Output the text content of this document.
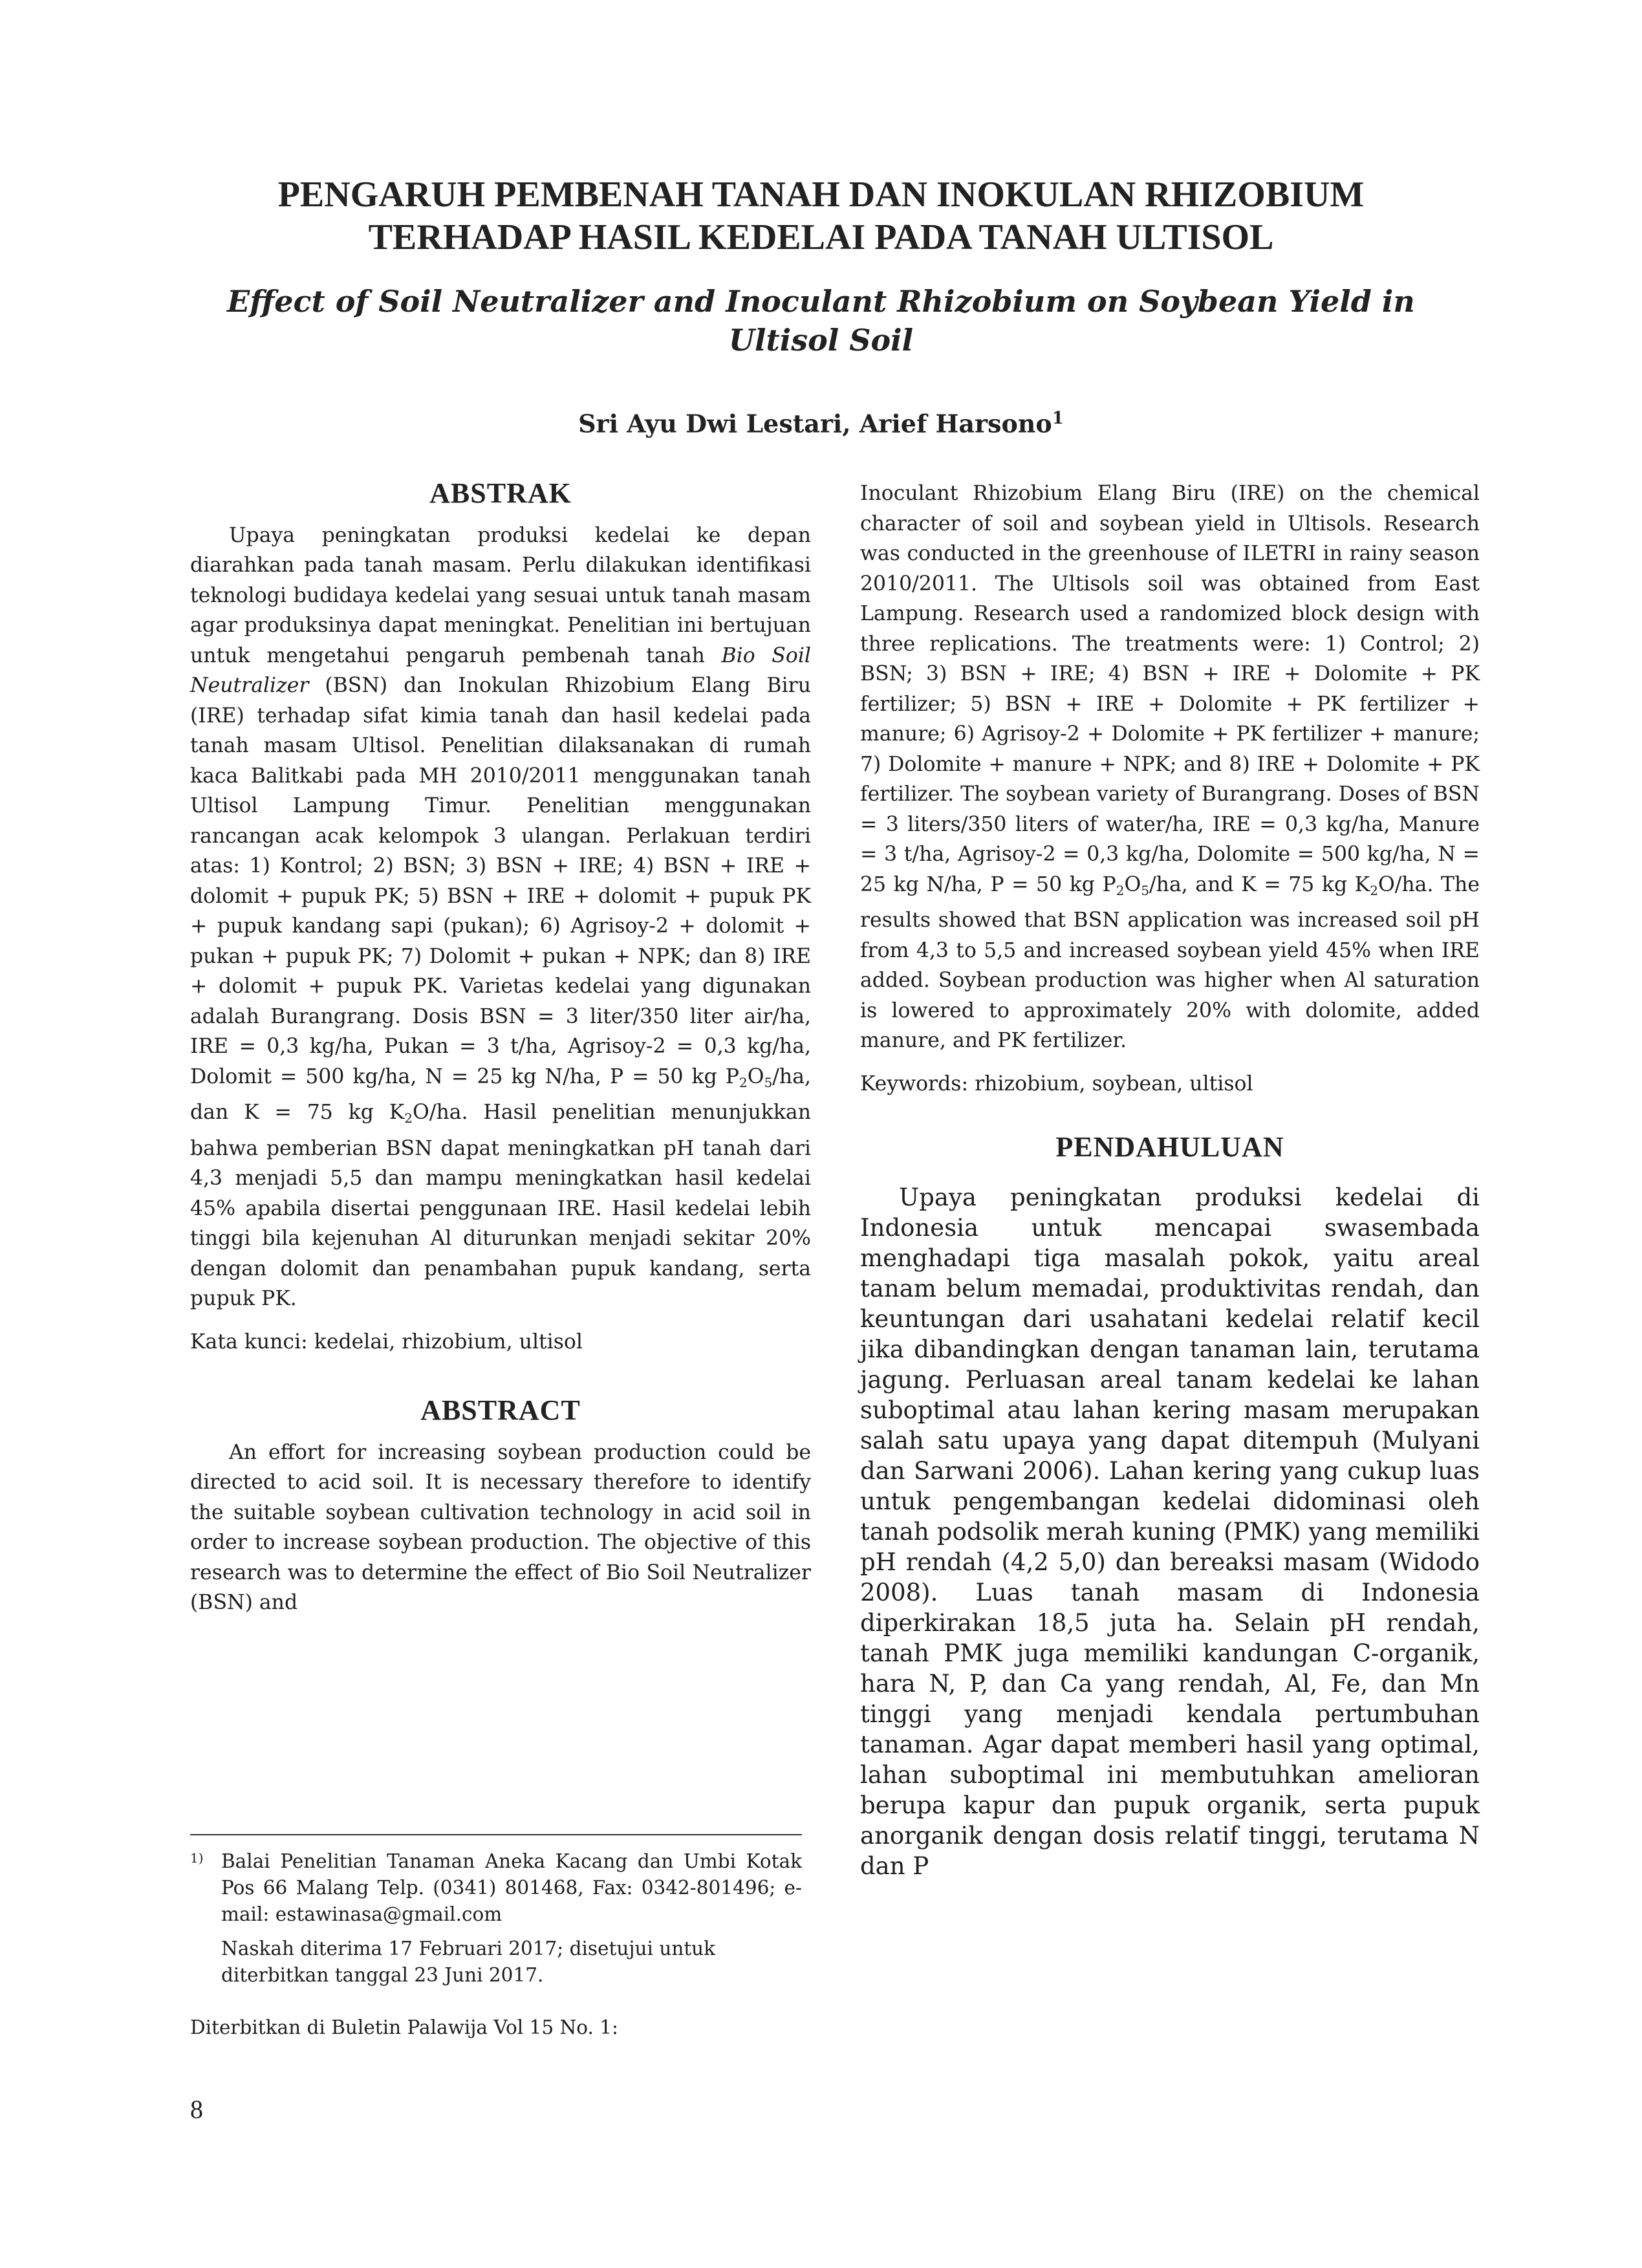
PENGARUH PEMBENAH TANAH DAN INOKULAN RHIZOBIUM
TERHADAP HASIL KEDELAI PADA TANAH ULTISOL
Effect of Soil Neutralizer and Inoculant Rhizobium on Soybean Yield in
Ultisol Soil
Sri Ayu Dwi Lestari, Arief Harsono$^1$
ABSTRAK

Upaya peningkatan produksi kedelai ke depan diarahkan pada tanah masam. Perlu dilakukan identifikasi teknologi budidaya kedelai yang sesuai untuk tanah masam agar produksinya dapat meningkat. Penelitian ini bertujuan untuk mengetahui pengaruh pembenah tanah Bio Soil Neutralizer (BSN) dan Inokulan Rhizobium Elang Biru (IRE) terhadap sifat kimia tanah dan hasil kedelai pada tanah masam Ultisol. Penelitian dilaksanakan di rumah kaca Balitkabi pada MH 2010/2011 menggunakan tanah Ultisol Lampung Timur. Penelitian menggunakan rancangan acak kelompok 3 ulangan. Perlakuan terdiri atas: 1) Kontrol; 2) BSN; 3) BSN + IRE; 4) BSN + IRE + dolomit + pupuk PK; 5) BSN + IRE + dolomit + pupuk PK + pupuk kandang sapi (pukan); 6) Agrisoy-2 + dolomit + pukan + pupuk PK; 7) Dolomit + pukan + NPK; dan 8) IRE + dolomit + pupuk PK. Varietas kedelai yang digunakan adalah Burangrang. Dosis BSN = 3 liter/350 liter air/ha, IRE = 0,3 kg/ha, Pukan = 3 t/ha, Agrisoy-2 = 0,3 kg/ha, Dolomit = 500 kg/ha, N = 25 kg N/ha, P = 50 kg $P_2O_5/ha$, dan K = 75 kg $K_2O/ha$. Hasil penelitian menunjukkan bahwa pemberian BSN dapat meningkatkan pH tanah dari 4,3 menjadi 5,5 dan mampu meningkatkan hasil kedelai 45% apabila disertai penggunaan IRE. Hasil kedelai lebih tinggi bila kejenuhan Al diturunkan menjadi sekitar 20% dengan dolomit dan penambahan pupuk kandang, serta pupuk PK.

Kata kunci: kedelai, rhizobium, ultisol

ABSTRACT

An effort for increasing soybean production could be directed to acid soil. It is necessary therefore to identify the suitable soybean cultivation technology in acid soil in order to increase soybean production. The objective of this research was to determine the effect of Bio Soil Neutralizer (BSN) and

Inoculant Rhizobium Elang Biru (IRE) on the chemical character of soil and soybean yield in Ultisols. Research was conducted in the greenhouse of ILETRI in rainy season 2010/2011. The Ultisols soil was obtained from East Lampung. Research used a randomized block design with three replications. The treatments were: 1) Control; 2) BSN; 3) BSN + IRE; 4) BSN + IRE + Dolomite + PK fertilizer; 5) BSN + IRE + Dolomite + PK fertilizer + manure; 6) Agrisoy-2 + Dolomite + PK fertilizer + manure; 7) Dolomite + manure + NPK; and 8) IRE + Dolomite + PK fertilizer. The soybean variety of Burangrang. Doses of BSN = 3 liters/350 liters of water/ha, IRE = 0,3 kg/ha, Manure = 3 t/ha, Agrisoy-2 = 0,3 kg/ha, Dolomite = 500 kg/ha, N = 25 kg N/ha, P = 50 kg $P_2O_5/ha$, and K = 75 kg $K_2O/ha$. The results showed that BSN application was increased soil pH from 4,3 to 5,5 and increased soybean yield 45% when IRE added. Soybean production was higher when Al saturation is lowered to approximately 20% with dolomite, added manure, and PK fertilizer.

Keywords: rhizobium, soybean, ultisol

PENDAHULUAN

Upaya peningkatan produksi kedelai di Indonesia untuk mencapai swasembada menghadapi tiga masalah pokok, yaitu areal tanam belum memadai, produktivitas rendah, dan keuntungan dari usahatani kedelai relatif kecil jika dibandingkan dengan tanaman lain, terutama jagung. Perluasan areal tanam kedelai ke lahan suboptimal atau lahan kering masam merupakan salah satu upaya yang dapat ditempuh (Mulyani dan Sarwani 2006). Lahan kering yang cukup luas untuk pengembangan kedelai didominasi oleh tanah podsolik merah kuning (PMK) yang memiliki pH rendah (4,2 5,0) dan bereaksi masam (Widodo 2008). Luas tanah masam di Indonesia diperkirakan 18,5 juta ha. Selain pH rendah, tanah PMK juga memiliki kandungan C-organik, hara N, P, dan Ca yang rendah, Al, Fe, dan Mn tinggi yang menjadi kendala pertumbuhan tanaman. Agar dapat memberi hasil yang optimal, lahan suboptimal ini membutuhkan amelioran berupa kapur dan pupuk organik, serta pupuk anorganik dengan dosis relatif tinggi, terutama N dan P

1) Balai Penelitian Tanaman Aneka Kacang dan Umbi Kotak Pos 66 Malang Telp. (0341) 801468, Fax: 0342-801496; e-mail: estawinasa@gmail.com
Naskah diterima 17 Februari 2017; disetujui untuk diterbitkan tanggal 23 Juni 2017.
Diterbitkan di Buletin Palawija Vol 15 No. 1:
8
